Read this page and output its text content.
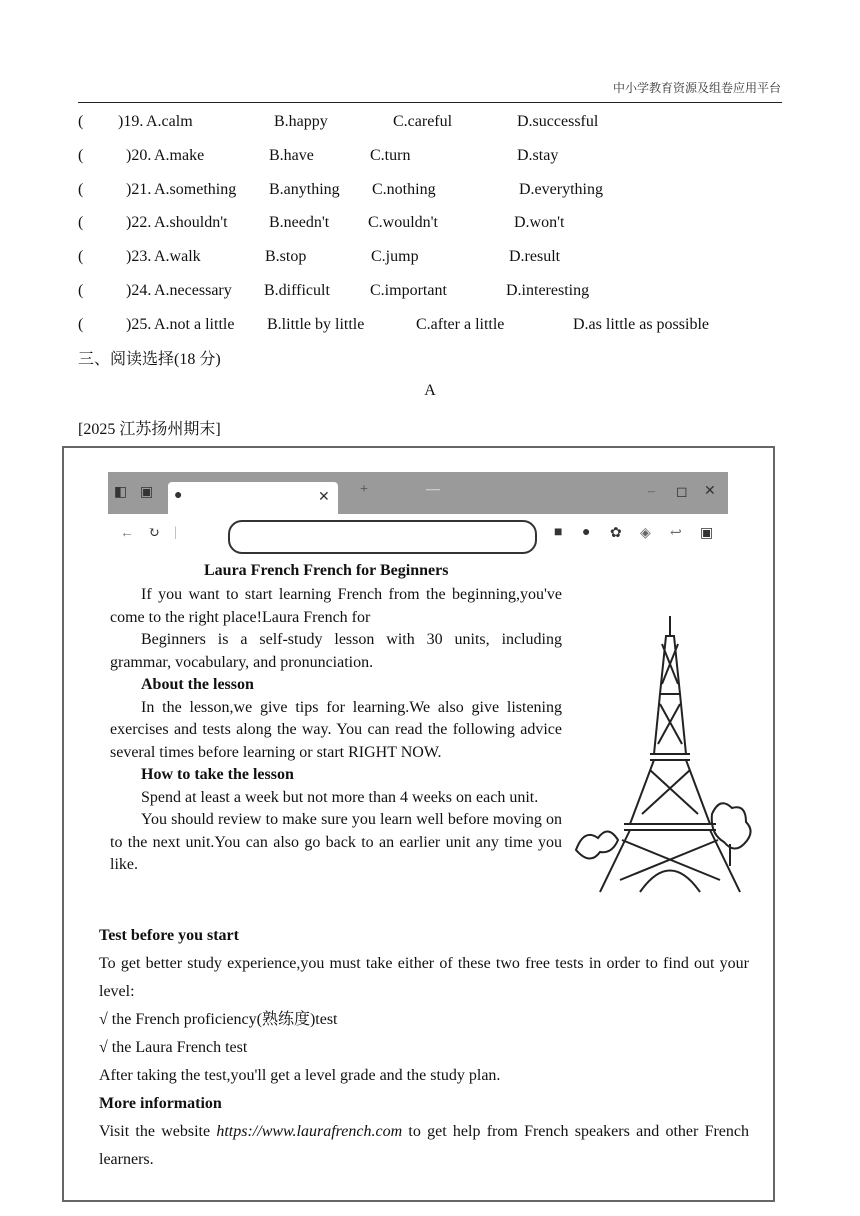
中小学教育资源及组卷应用平台
( )19. A.calm	B.happy	C.careful	D.successful
(	)20. A.make	B.have	C.turn	D.stay
(	)21. A.something B.anything C.nothing	D.everything
(	)22. A.shouldn't	B.needn't C.wouldn't	D.won't
(	)23. A.walk	B.stop	C.jump	D.result
(	)24. A.necessary B.difficult	C.important	D.interesting
(	)25. A.not a little B.little by little	C.after a little	D.as little as possible
三、阅读选择(18 分)
A
[2025 江苏扬州期末]
◧ ▣ ●	✕
+	—	– ◻ ✕
← ↻ |	■ ● ✿ ◈ ↩ ▣
Laura French French for Beginners

If you want to start learning French from the beginning,you've come to the right place!Laura French for

Beginners is a self-study lesson with 30 units, including grammar, vocabulary, and pronunciation.

About the lesson

In the lesson,we give tips for learning.We also give listening exercises and tests along the way. You can read the following advice several times before learning or start RIGHT NOW.

How to take the lesson

Spend at least a week but not more than 4 weeks on each unit.

You should review to make sure you learn well before moving on to the next unit.You can also go back to an earlier unit any time you like.

Test before you start

To get better study experience,you must take either of these two free tests in order to find out your level:

√ the French proficiency(熟练度)test

√ the Laura French test

After taking the test,you'll get a level grade and the study plan.

More information

Visit the website https://www.laurafrench.com to get help from French speakers and other French learners.
